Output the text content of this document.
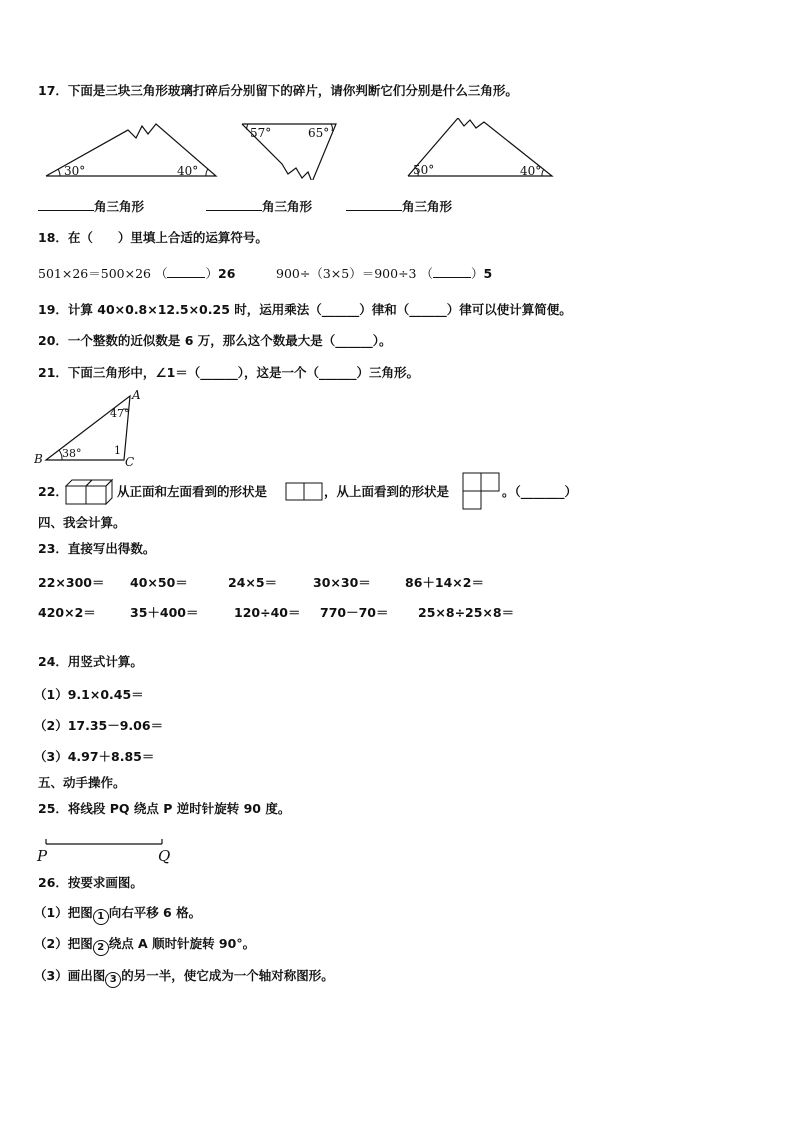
17．下面是三块三角形玻璃打碎后分别留下的碎片，请你判断它们分别是什么三角形。
30°	40°
57°	65°
50°	40°
角三角形	角三角形	角三角形
18．在（　　）里填上合适的运算符号。
501×26＝500×26 （	）26	900÷（3×5）＝900÷3 （	）5
19．计算 40×0.8×12.5×0.25 时，运用乘法（______）律和（______）律可以使计算简便。
20．一个整数的近似数是 6 万，那么这个数最大是（______）。
21．下面三角形中，∠1＝（______），这是一个（______）三角形。
B
A
C
47°
38°	1
22．	从正面和左面看到的形状是	，从上面看到的形状是	。（_______）
四、我会计算。
23．直接写出得数。
22×300＝ 40×50＝	24×5＝	30×30＝	86＋14×2＝
420×2＝	35＋400＝	120÷40＝ 770－70＝ 25×8÷25×8＝
24．用竖式计算。
（1）9.1×0.45＝
（2）17.35－9.06＝
（3）4.97＋8.85＝
五、动手操作。
25．将线段 PQ 绕点 P 逆时针旋转 90 度。
P	Q
26．按要求画图。
（1）把图 1 向右平移 6 格。
（2）把图 2 绕点 A 顺时针旋转 90°。
（3）画出图 3 的另一半，使它成为一个轴对称图形。
